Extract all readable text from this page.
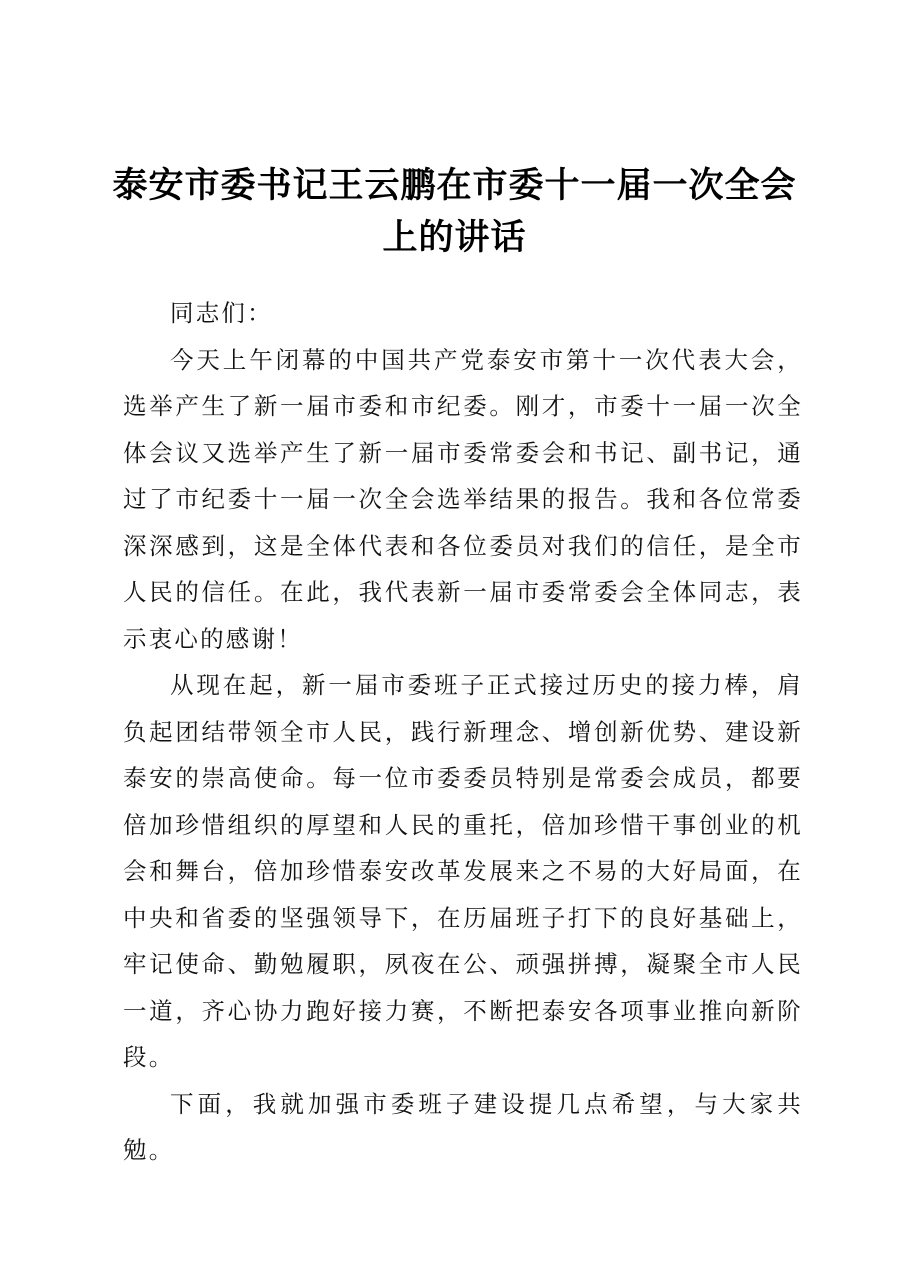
泰安市委书记王云鹏在市委十一届一次全会上的讲话

同志们：

今天上午闭幕的中国共产党泰安市第十一次代表大会，选举产生了新一届市委和市纪委。刚才，市委十一届一次全体会议又选举产生了新一届市委常委会和书记、副书记，通过了市纪委十一届一次全会选举结果的报告。我和各位常委深深感到，这是全体代表和各位委员对我们的信任，是全市人民的信任。在此，我代表新一届市委常委会全体同志，表示衷心的感谢！

从现在起，新一届市委班子正式接过历史的接力棒，肩负起团结带领全市人民，践行新理念、增创新优势、建设新泰安的崇高使命。每一位市委委员特别是常委会成员，都要倍加珍惜组织的厚望和人民的重托，倍加珍惜干事创业的机会和舞台，倍加珍惜泰安改革发展来之不易的大好局面，在中央和省委的坚强领导下，在历届班子打下的良好基础上，牢记使命、勤勉履职，夙夜在公、顽强拼搏，凝聚全市人民一道，齐心协力跑好接力赛，不断把泰安各项事业推向新阶段。

下面，我就加强市委班子建设提几点希望，与大家共勉。
